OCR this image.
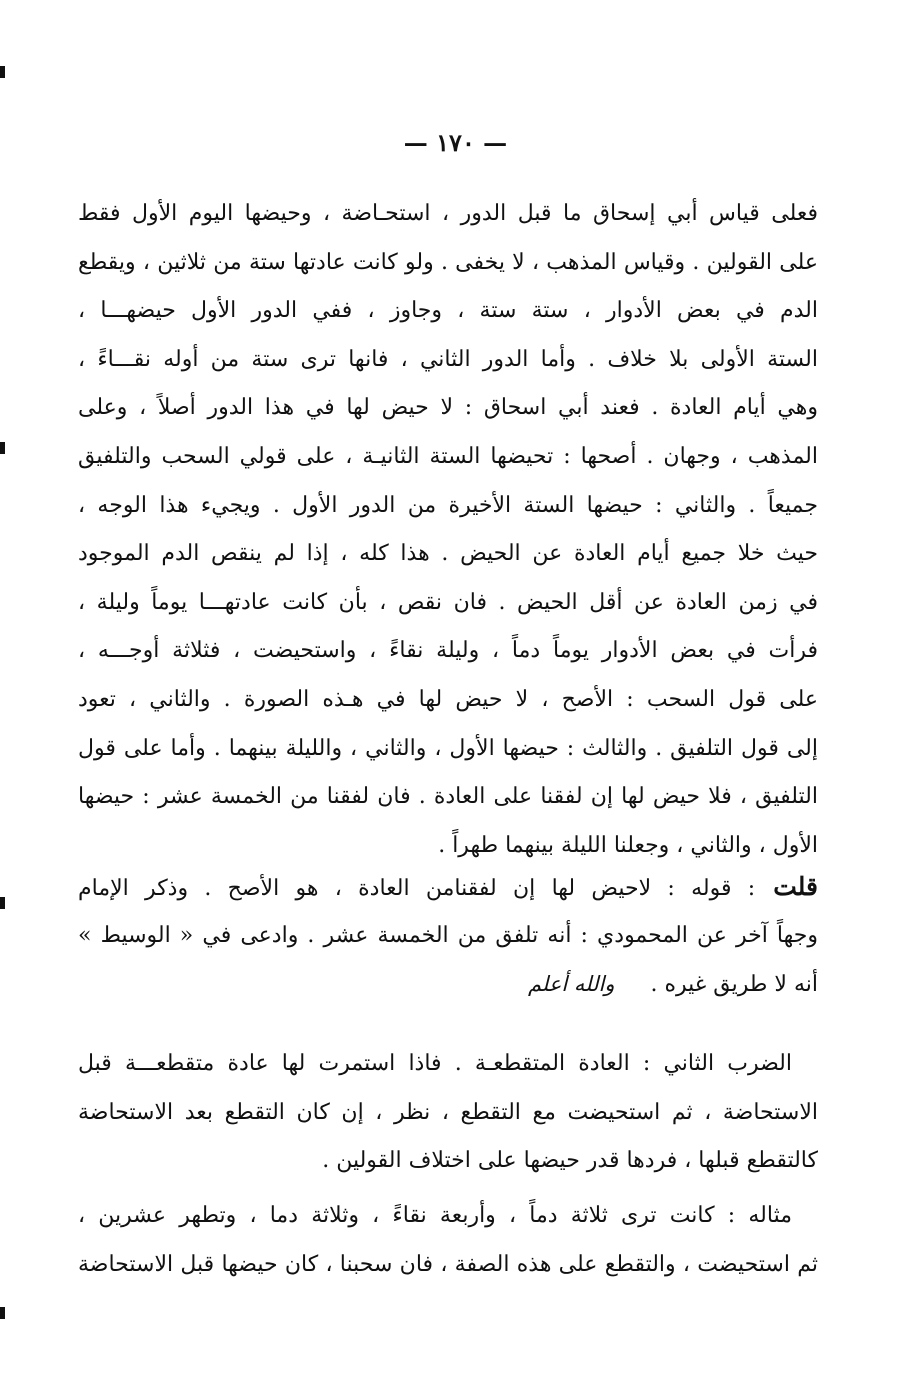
— ١٧٠ —
فعلى قياس أبي إسحاق ما قبل الدور ، استحـاضة ، وحيضها اليوم الأول فقط
على القولين . وقياس المذهب ، لا يخفى . ولو كانت عادتها ستة من ثلاثين ، ويقطع
الدم في بعض الأدوار ، ستة ستة ، وجاوز ، ففي الدور الأول حيضهـــا ،
الستة الأولى بلا خلاف . وأما الدور الثاني ، فانها ترى ستة من أوله نقـــاءً ،
وهي أيام العادة . فعند أبي اسحاق : لا حيض لها في هذا الدور أصلاً ، وعلى
المذهب ، وجهان . أصحها : تحيضها الستة الثانيـة ، على قولي السحب والتلفيق
جميعاً . والثاني : حيضها الستة الأخيرة من الدور الأول . ويجيء هذا الوجه ،
حيث خلا جميع أيام العادة عن الحيض . هذا كله ، إذا لم ينقص الدم الموجود
في زمن العادة عن أقل الحيض . فان نقص ، بأن كانت عادتهـــا يوماً وليلة ،
فرأت في بعض الأدوار يوماً دماً ، وليلة نقاءً ، واستحيضت ، فثلاثة أوجـــه ،
على قول السحب : الأصح ، لا حيض لها في هـذه الصورة . والثاني ، تعود
إلى قول التلفيق . والثالث : حيضها الأول ، والثاني ، والليلة بينهما . وأما على قول
التلفيق ، فلا حيض لها إن لفقنا على العادة . فان لفقنا من الخمسة عشر : حيضها
الأول ، والثاني ، وجعلنا الليلة بينهما طهراً .
قلت: قوله : لاحيض لها إن لفقنامن العادة ، هو الأصح . وذكر الإمام
وجهاً آخر عن المحمودي : أنه تلفق من الخمسة عشر . وادعى في « الوسيط »
أنه لا طريق غيره .والله أعلم
الضرب الثاني : العادة المتقطعـة . فاذا استمرت لها عادة متقطعـــة قبل
الاستحاضة ، ثم استحيضت مع التقطع ، نظر ، إن كان التقطع بعد الاستحاضة
كالتقطع قبلها ، فردها قدر حيضها على اختلاف القولين .
مثاله : كانت ترى ثلاثة دماً ، وأربعة نقاءً ، وثلاثة دما ، وتطهر عشرين ،
ثم استحيضت ، والتقطع على هذه الصفة ، فان سحبنا ، كان حيضها قبل الاستحاضة
